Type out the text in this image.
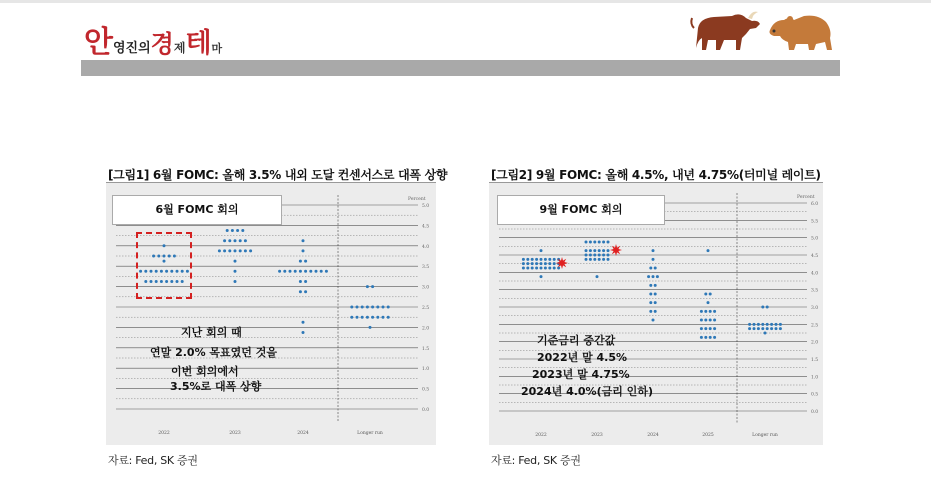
안영진의경제테마
[그림1] 6월 FOMC: 올해 3.5% 내외 도달 컨센서스로 대폭 상향
5.0
4.5
4.0
3.5
3.0
2.5
2.0
1.5
1.0
0.5
0.0
Percent
2022	2023	2024	Longer run
6월 FOMC 회의
지난 회의 때
연말 2.0% 목표였던 것을
이번 회의에서
3.5%로 대폭 상향
자료: Fed, SK 증권
[그림2] 9월 FOMC: 올해 4.5%, 내년 4.75%(터미널 레이트)
6.0
5.5
5.0
4.5
4.0
3.5
3.0
2.5
2.0
1.5
1.0
0.5
0.0
Percent
2022	2023	2024	2025	Longer run
9월 FOMC 회의
기준금리 중간값
2022년 말 4.5%
2023년 말 4.75%
2024년 4.0%(금리 인하)
자료: Fed, SK 증권
